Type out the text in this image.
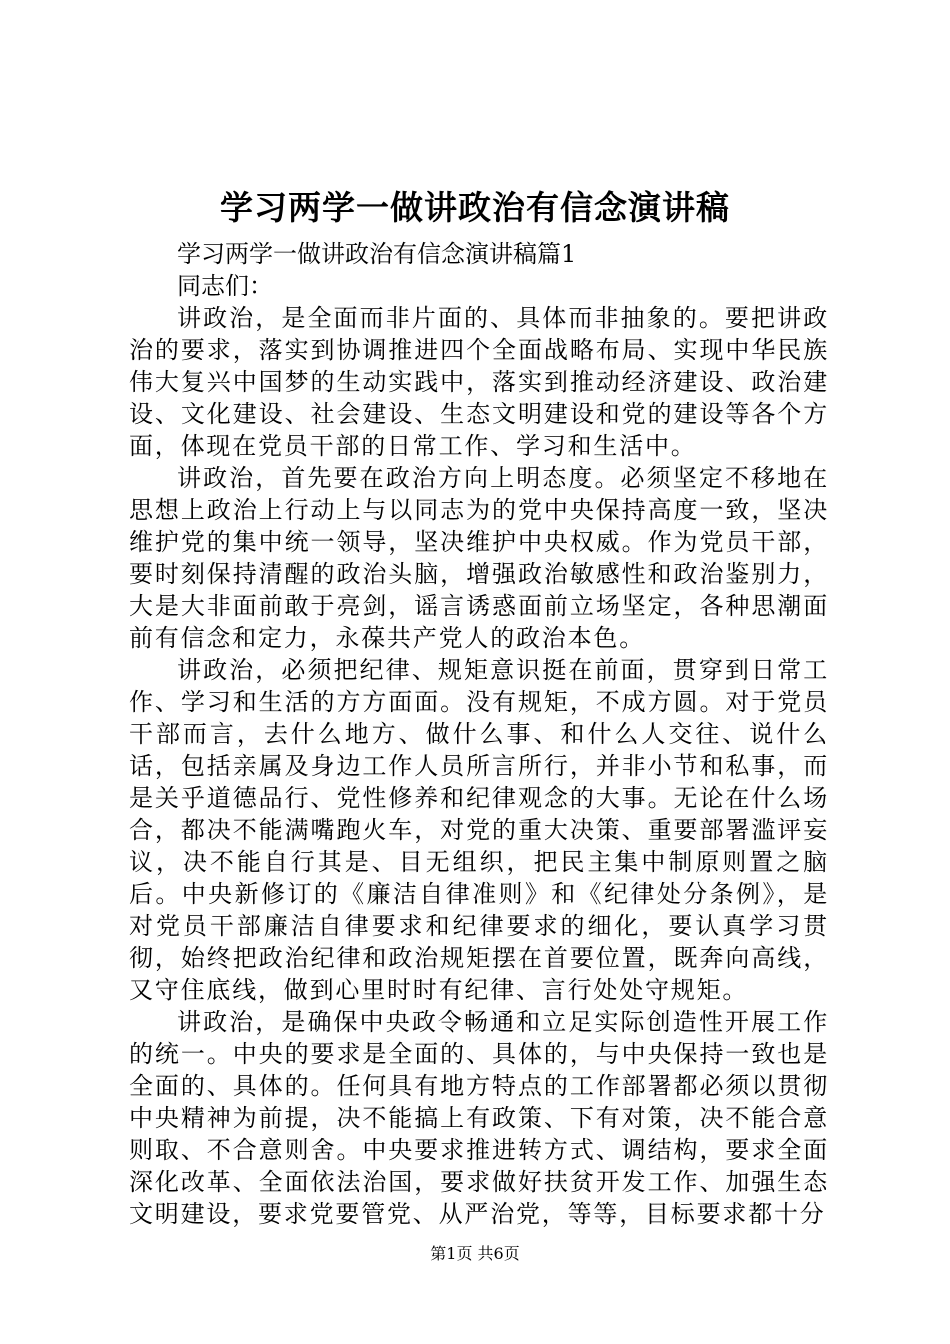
学习两学一做讲政治有信念演讲稿

学习两学一做讲政治有信念演讲稿篇1

同志们：

讲政治，是全面而非片面的、具体而非抽象的。要把讲政治的要求，落实到协调推进四个全面战略布局、实现中华民族伟大复兴中国梦的生动实践中，落实到推动经济建设、政治建设、文化建设、社会建设、生态文明建设和党的建设等各个方面，体现在党员干部的日常工作、学习和生活中。

讲政治，首先要在政治方向上明态度。必须坚定不移地在思想上政治上行动上与以同志为的党中央保持高度一致，坚决维护党的集中统一领导，坚决维护中央权威。作为党员干部，要时刻保持清醒的政治头脑，增强政治敏感性和政治鉴别力，大是大非面前敢于亮剑，谣言诱惑面前立场坚定，各种思潮面前有信念和定力，永葆共产党人的政治本色。

讲政治，必须把纪律、规矩意识挺在前面，贯穿到日常工作、学习和生活的方方面面。没有规矩，不成方圆。对于党员干部而言，去什么地方、做什么事、和什么人交往、说什么话，包括亲属及身边工作人员所言所行，并非小节和私事，而是关乎道德品行、党性修养和纪律观念的大事。无论在什么场合，都决不能满嘴跑火车，对党的重大决策、重要部署滥评妄议，决不能自行其是、目无组织，把民主集中制原则置之脑后。中央新修订的《廉洁自律准则》和《纪律处分条例》，是对党员干部廉洁自律要求和纪律要求的细化，要认真学习贯彻，始终把政治纪律和政治规矩摆在首要位置，既奔向高线，又守住底线，做到心里时时有纪律、言行处处守规矩。

讲政治，是确保中央政令畅通和立足实际创造性开展工作的统一。中央的要求是全面的、具体的，与中央保持一致也是全面的、具体的。任何具有地方特点的工作部署都必须以贯彻中央精神为前提，决不能搞上有政策、下有对策，决不能合意则取、不合意则舍。中央要求推进转方式、调结构，要求全面深化改革、全面依法治国，要求做好扶贫开发工作、加强生态文明建设，要求党要管党、从严治党，等等，目标要求都十分

第1页 共6页
